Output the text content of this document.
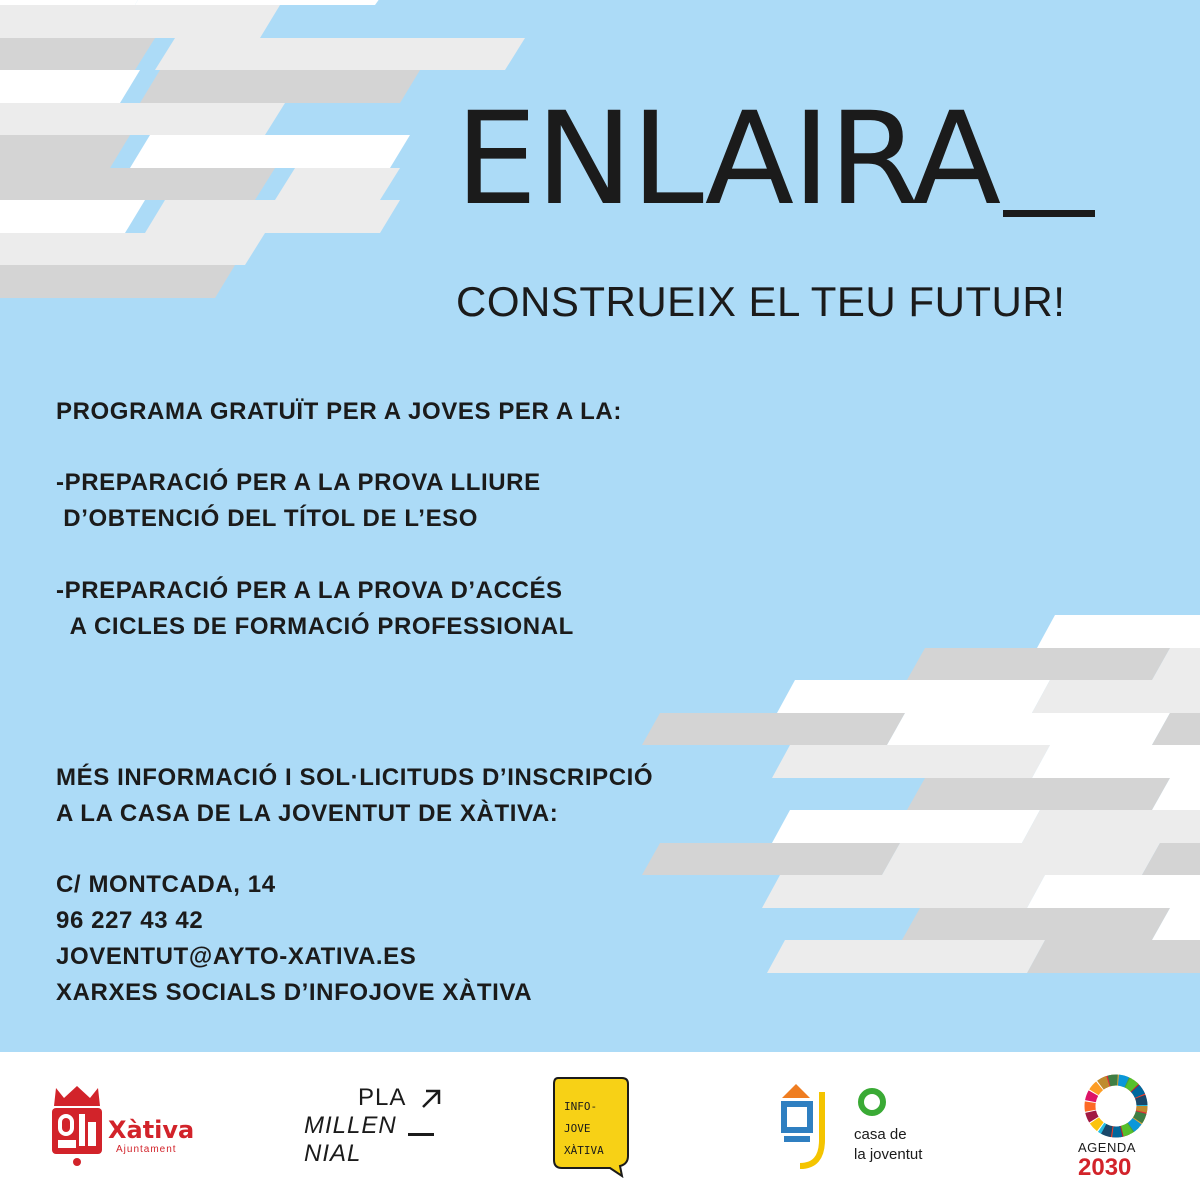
ENLAIRA
CONSTRUEIX EL TEU FUTUR!

PROGRAMA GRATUÏT PER A JOVES PER A LA:

-PREPARACIÓ PER A LA PROVA LLIURE

D’OBTENCIÓ DEL TÍTOL DE L’ESO

-PREPARACIÓ PER A LA PROVA D’ACCÉS

A CICLES DE FORMACIÓ PROFESSIONAL

MÉS INFORMACIÓ I SOL·LICITUDS D’INSCRIPCIÓ

A LA CASA DE LA JOVENTUT DE XÀTIVA:

C/ MONTCADA, 14

96 227 43 42

JOVENTUT@AYTO-XATIVA.ES

XARXES SOCIALS D’INFOJOVE XÀTIVA

Xàtiva
Ajuntament
PLA
MILLEN
NIAL
INFO-
JOVE
XÀTIVA
casa de
la joventut	AGENDA
2030
